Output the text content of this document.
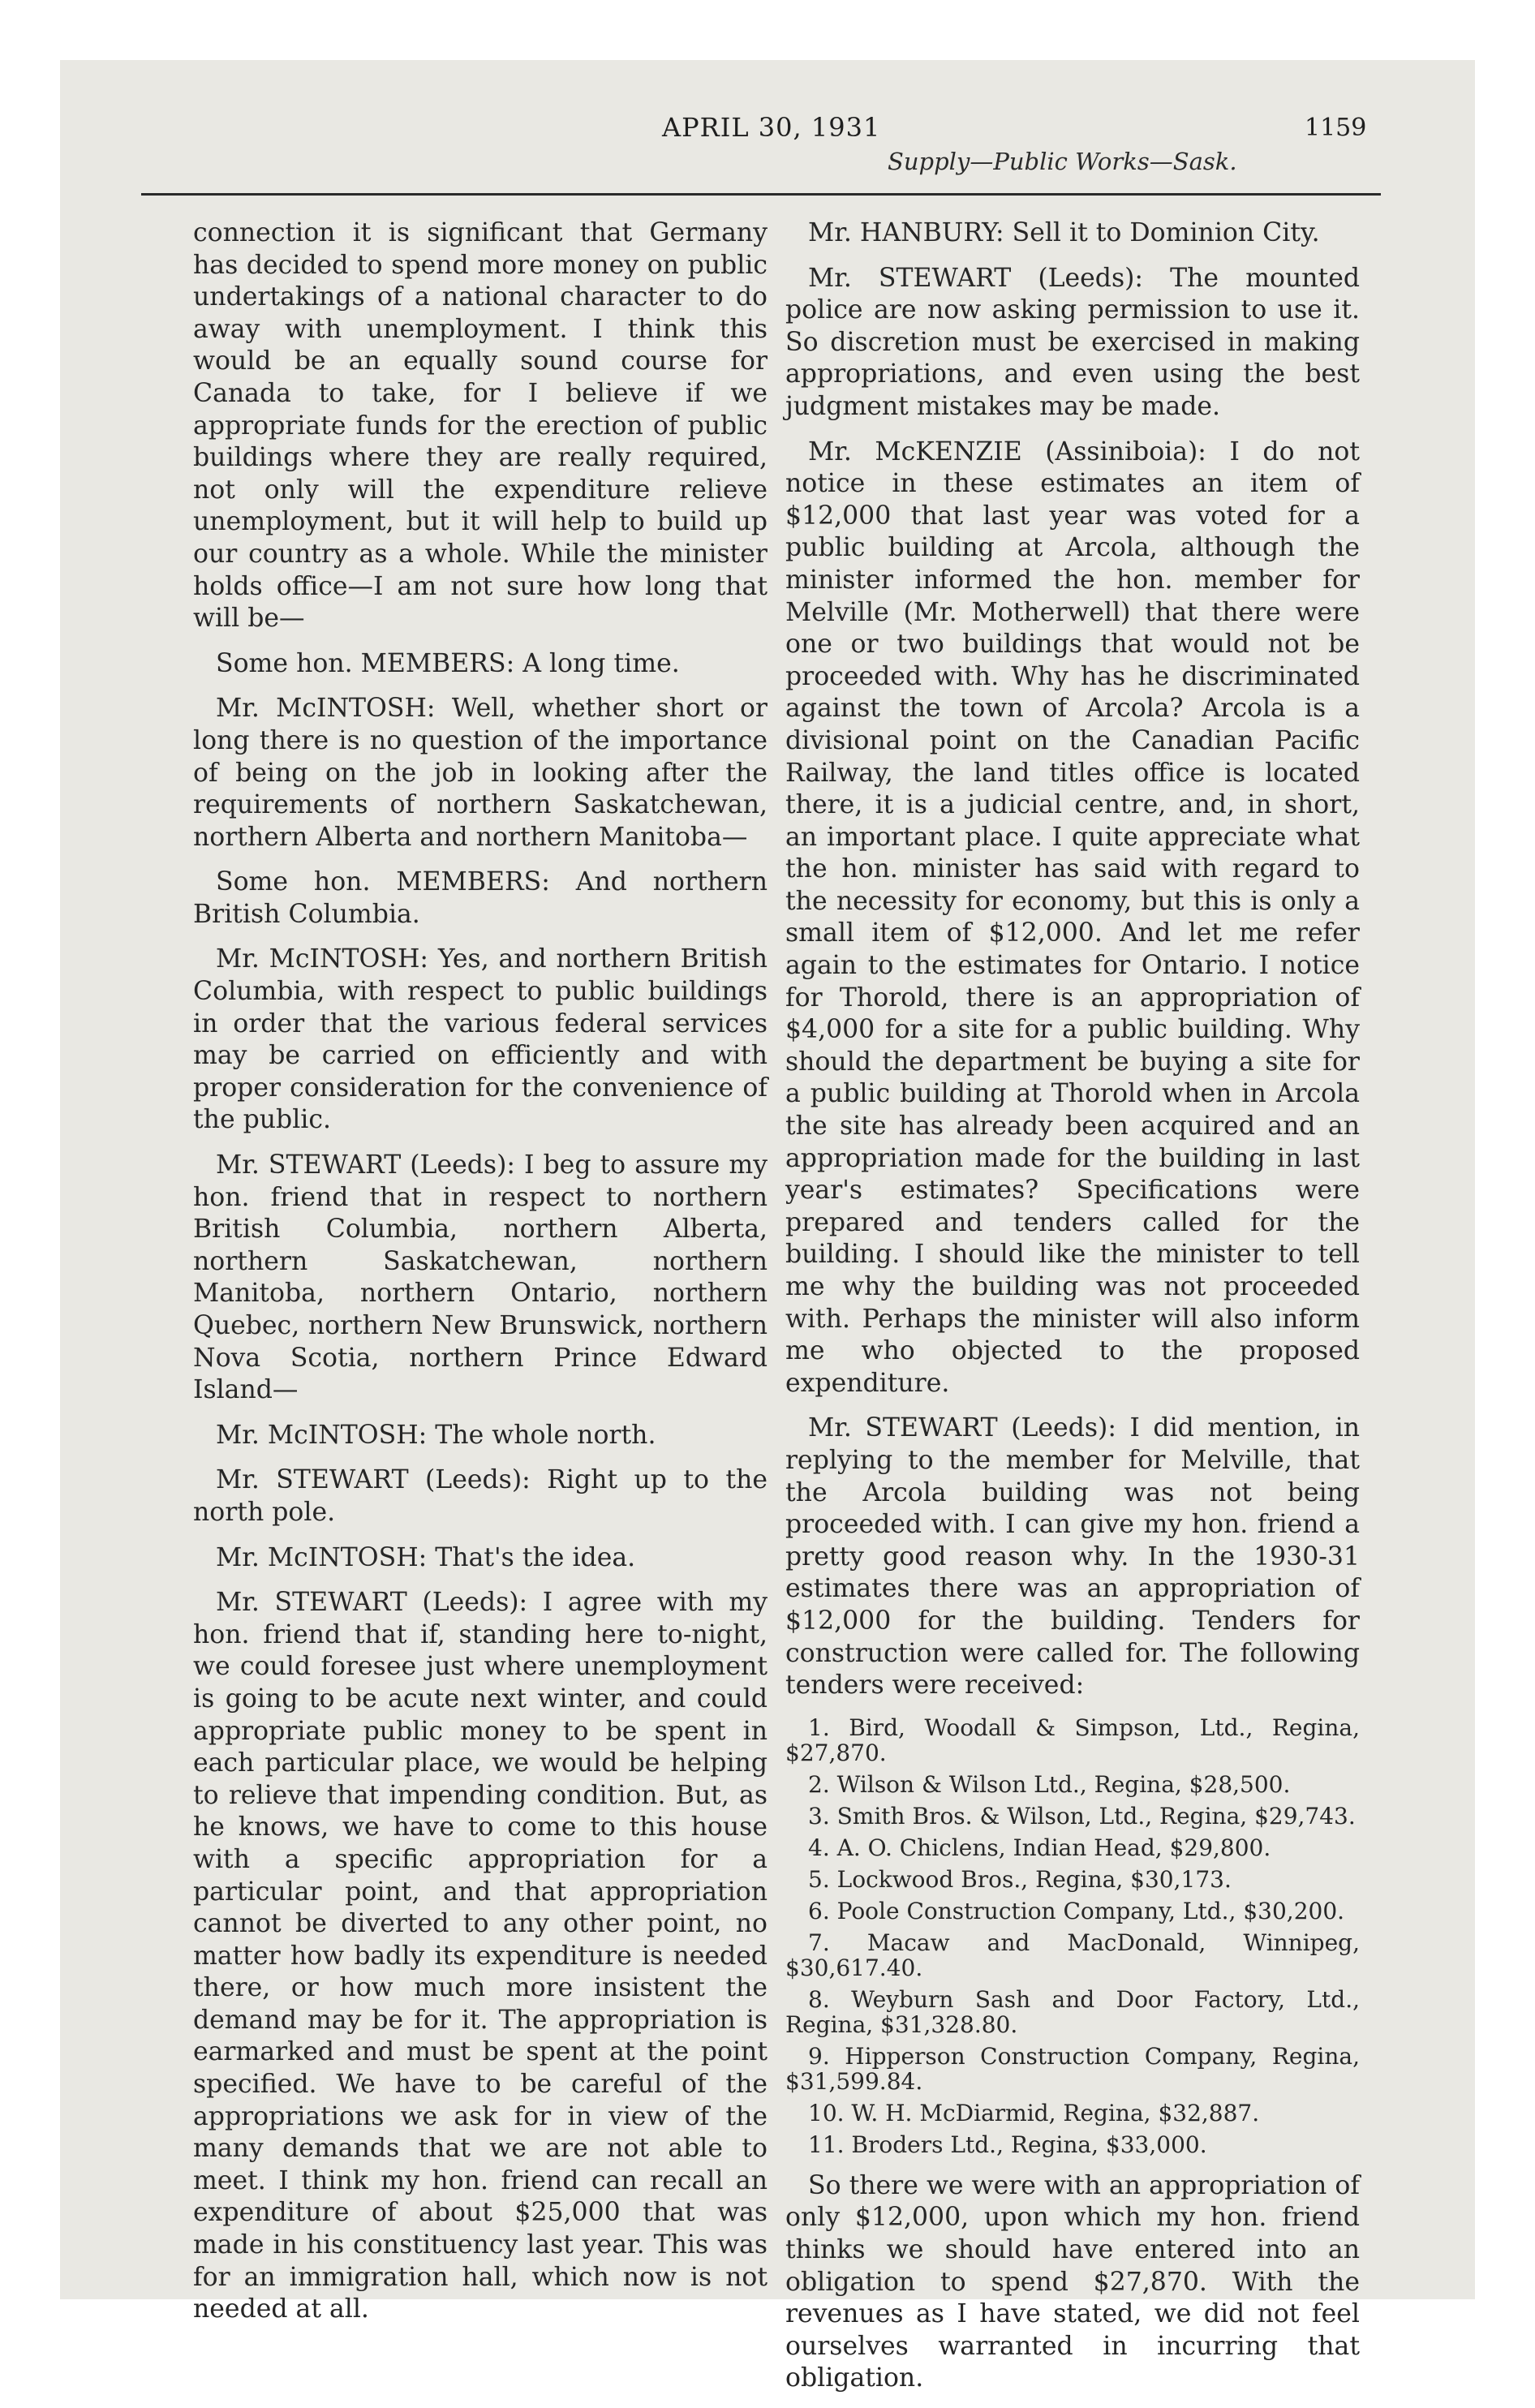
APRIL 30, 1931	1159
Supply—Public Works—Sask.

connection it is significant that Germany has decided to spend more money on public undertakings of a national character to do away with unemployment. I think this would be an equally sound course for Canada to take, for I believe if we appropriate funds for the erection of public buildings where they are really required, not only will the expenditure relieve unemployment, but it will help to build up our country as a whole. While the minister holds office—I am not sure how long that will be—

Some hon. MEMBERS: A long time.

Mr. McINTOSH: Well, whether short or long there is no question of the importance of being on the job in looking after the requirements of northern Saskatchewan, northern Alberta and northern Manitoba—

Some hon. MEMBERS: And northern British Columbia.

Mr. McINTOSH: Yes, and northern British Columbia, with respect to public buildings in order that the various federal services may be carried on efficiently and with proper consideration for the convenience of the public.

Mr. STEWART (Leeds): I beg to assure my hon. friend that in respect to northern British Columbia, northern Alberta, northern Saskatchewan, northern Manitoba, northern Ontario, northern Quebec, northern New Brunswick, northern Nova Scotia, northern Prince Edward Island—

Mr. McINTOSH: The whole north.

Mr. STEWART (Leeds): Right up to the north pole.

Mr. McINTOSH: That's the idea.

Mr. STEWART (Leeds): I agree with my hon. friend that if, standing here to-night, we could foresee just where unemployment is going to be acute next winter, and could appropriate public money to be spent in each particular place, we would be helping to relieve that impending condition. But, as he knows, we have to come to this house with a specific appropriation for a particular point, and that appropriation cannot be diverted to any other point, no matter how badly its expenditure is needed there, or how much more insistent the demand may be for it. The appropriation is earmarked and must be spent at the point specified. We have to be careful of the appropriations we ask for in view of the many demands that we are not able to meet. I think my hon. friend can recall an expenditure of about $25,000 that was made in his constituency last year. This was for an immigration hall, which now is not needed at all.

Mr. HANBURY: Sell it to Dominion City.

Mr. STEWART (Leeds): The mounted police are now asking permission to use it. So discretion must be exercised in making appropriations, and even using the best judgment mistakes may be made.

Mr. McKENZIE (Assiniboia): I do not notice in these estimates an item of $12,000 that last year was voted for a public building at Arcola, although the minister informed the hon. member for Melville (Mr. Motherwell) that there were one or two buildings that would not be proceeded with. Why has he discriminated against the town of Arcola? Arcola is a divisional point on the Canadian Pacific Railway, the land titles office is located there, it is a judicial centre, and, in short, an important place. I quite appreciate what the hon. minister has said with regard to the necessity for economy, but this is only a small item of $12,000. And let me refer again to the estimates for Ontario. I notice for Thorold, there is an appropriation of $4,000 for a site for a public building. Why should the department be buying a site for a public building at Thorold when in Arcola the site has already been acquired and an appropriation made for the building in last year's estimates? Specifications were prepared and tenders called for the building. I should like the minister to tell me why the building was not proceeded with. Perhaps the minister will also inform me who objected to the proposed expenditure.

Mr. STEWART (Leeds): I did mention, in replying to the member for Melville, that the Arcola building was not being proceeded with. I can give my hon. friend a pretty good reason why. In the 1930-31 estimates there was an appropriation of $12,000 for the building. Tenders for construction were called for. The following tenders were received:

1. Bird, Woodall & Simpson, Ltd., Regina, $27,870.
2. Wilson & Wilson Ltd., Regina, $28,500.
3. Smith Bros. & Wilson, Ltd., Regina, $29,743.
4. A. O. Chiclens, Indian Head, $29,800.
5. Lockwood Bros., Regina, $30,173.
6. Poole Construction Company, Ltd., $30,200.
7. Macaw and MacDonald, Winnipeg, $30,617.40.
8. Weyburn Sash and Door Factory, Ltd., Regina, $31,328.80.
9. Hipperson Construction Company, Regina, $31,599.84.
10. W. H. McDiarmid, Regina, $32,887.
11. Broders Ltd., Regina, $33,000.

So there we were with an appropriation of only $12,000, upon which my hon. friend thinks we should have entered into an obligation to spend $27,870. With the revenues as I have stated, we did not feel ourselves warranted in incurring that obligation.
